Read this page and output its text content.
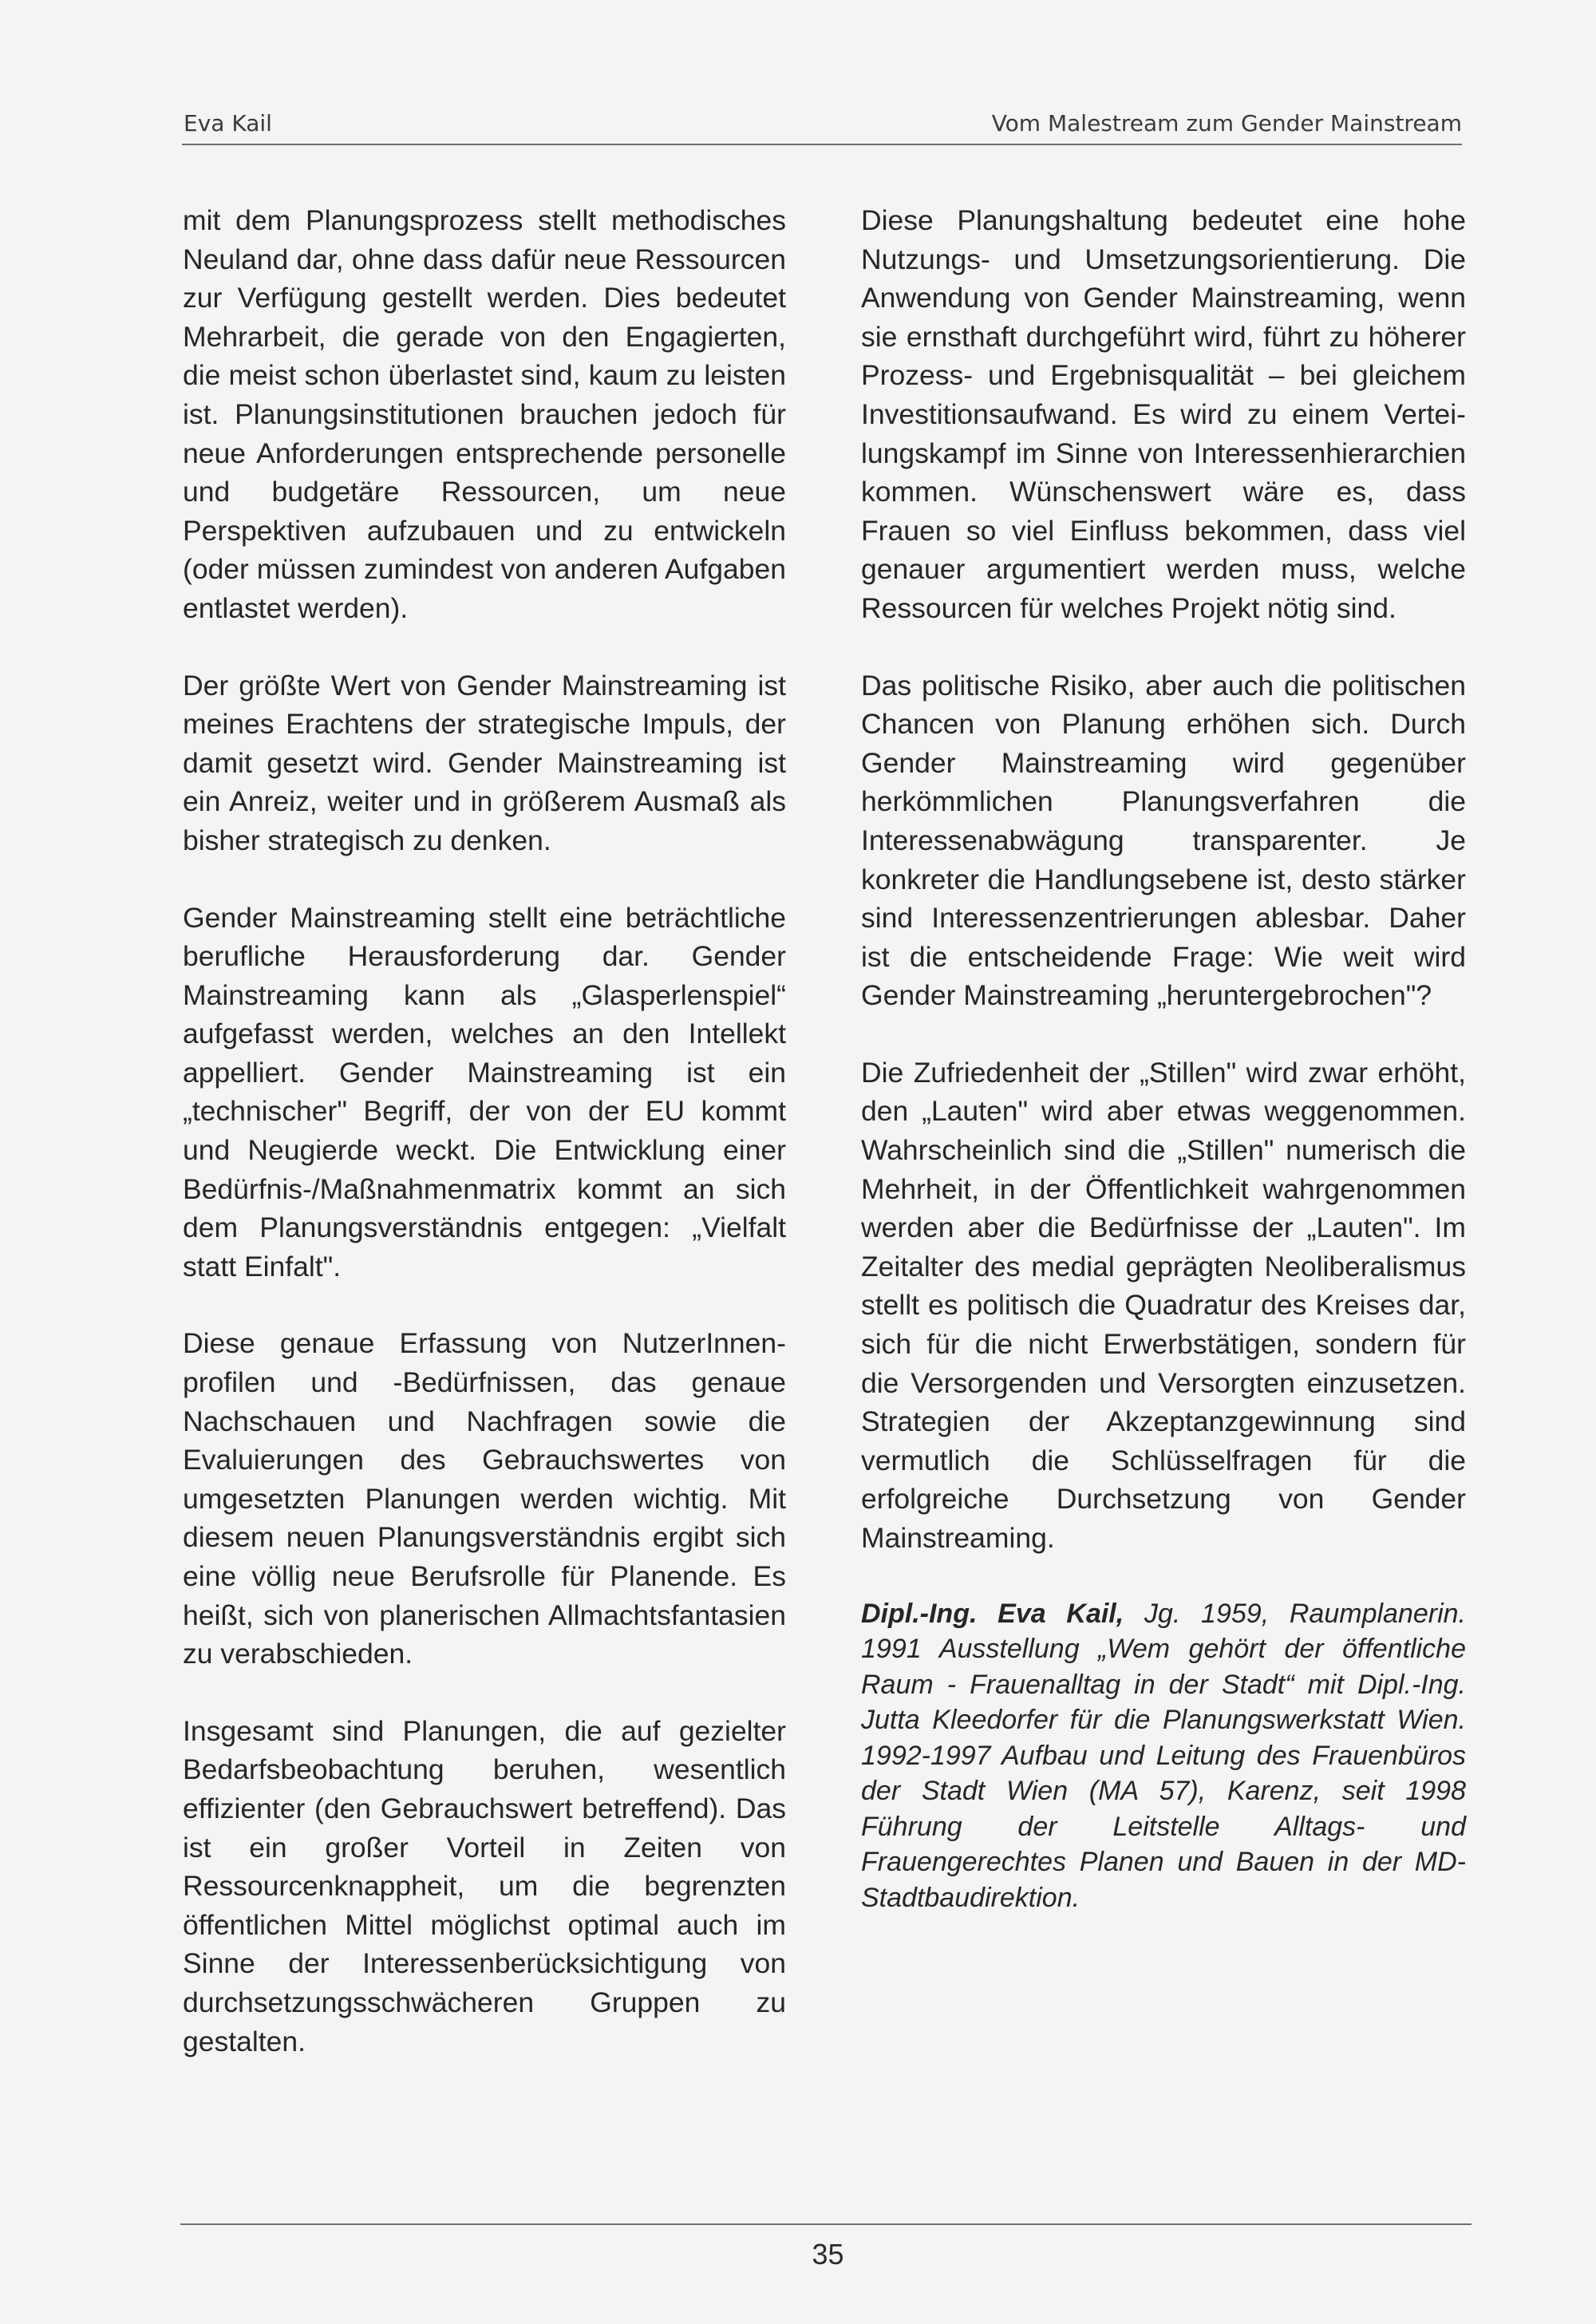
Eva Kail	Vom Malestream zum Gender Mainstream

mit dem Planungsprozess stellt methodisches Neuland dar, ohne dass dafür neue Ressourcen zur Verfügung gestellt werden. Dies bedeutet Mehrarbeit, die gerade von den Engagierten, die meist schon überlastet sind, kaum zu leisten ist. Planungsinstitutionen brauchen jedoch für neue Anforderungen entsprechende personelle und budgetäre Ressourcen, um neue Perspektiven aufzubauen und zu entwickeln (oder müssen zumindest von anderen Aufgaben entlastet werden).

Der größte Wert von Gender Mainstreaming ist meines Erachtens der strategische Impuls, der damit gesetzt wird. Gender Mainstreaming ist ein Anreiz, weiter und in größerem Ausmaß als bisher strategisch zu denken.

Gender Mainstreaming stellt eine beträchtliche berufliche Herausforderung dar. Gender Mainstreaming kann als „Glasperlenspiel“ aufgefasst werden, welches an den Intellekt appelliert. Gender Mainstreaming ist ein „technischer" Begriff, der von der EU kommt und Neugierde weckt. Die Entwicklung einer Bedürfnis-/Maßnahmenmatrix kommt an sich dem Planungsverständnis entgegen: „Vielfalt statt Einfalt".

Diese genaue Erfassung von NutzerInnenprofilen und -Bedürfnissen, das genaue Nachschauen und Nachfragen sowie die Evaluierungen des Gebrauchswertes von umgesetzten Planungen werden wichtig. Mit diesem neuen Planungsverständnis ergibt sich eine völlig neue Berufsrolle für Planende. Es heißt, sich von planerischen Allmachtsfantasien zu verabschieden.

Insgesamt sind Planungen, die auf gezielter Bedarfsbeobachtung beruhen, wesentlich effizienter (den Gebrauchswert betreffend). Das ist ein großer Vorteil in Zeiten von Ressourcenknappheit, um die begrenzten öffentlichen Mittel möglichst optimal auch im Sinne der Interessenberücksichtigung von durchsetzungsschwächeren Gruppen zu gestalten.

Diese Planungshaltung bedeutet eine hohe Nutzungs- und Umsetzungsorientierung. Die Anwendung von Gender Mainstreaming, wenn sie ernsthaft durchgeführt wird, führt zu höherer Prozess- und Ergebnisqualität – bei gleichem Investitionsaufwand. Es wird zu einem Verteilungskampf im Sinne von Interessenhierarchien kommen. Wünschenswert wäre es, dass Frauen so viel Einfluss bekommen, dass viel genauer argumentiert werden muss, welche Ressourcen für welches Projekt nötig sind.

Das politische Risiko, aber auch die politischen Chancen von Planung erhöhen sich. Durch Gender Mainstreaming wird gegenüber herkömmlichen Planungsverfahren die Interessenabwägung transparenter. Je konkreter die Handlungsebene ist, desto stärker sind Interessenzentrierungen ablesbar. Daher ist die entscheidende Frage: Wie weit wird Gender Mainstreaming „heruntergebrochen"?

Die Zufriedenheit der „Stillen" wird zwar erhöht, den „Lauten" wird aber etwas weggenommen. Wahrscheinlich sind die „Stillen" numerisch die Mehrheit, in der Öffentlichkeit wahrgenommen werden aber die Bedürfnisse der „Lauten". Im Zeitalter des medial geprägten Neoliberalismus stellt es politisch die Quadratur des Kreises dar, sich für die nicht Erwerbstätigen, sondern für die Versorgenden und Versorgten einzusetzen. Strategien der Akzeptanzgewinnung sind vermutlich die Schlüsselfragen für die erfolgreiche Durchsetzung von Gender Mainstreaming.

Dipl.-Ing. Eva Kail, Jg. 1959, Raumplanerin. 1991 Ausstellung „Wem gehört der öffentliche Raum - Frauenalltag in der Stadt“ mit Dipl.-Ing. Jutta Kleedorfer für die Planungswerkstatt Wien. 1992-1997 Aufbau und Leitung des Frauenbüros der Stadt Wien (MA 57), Karenz, seit 1998 Führung der Leitstelle Alltags- und Frauengerechtes Planen und Bauen in der MD-Stadtbaudirektion.
35
